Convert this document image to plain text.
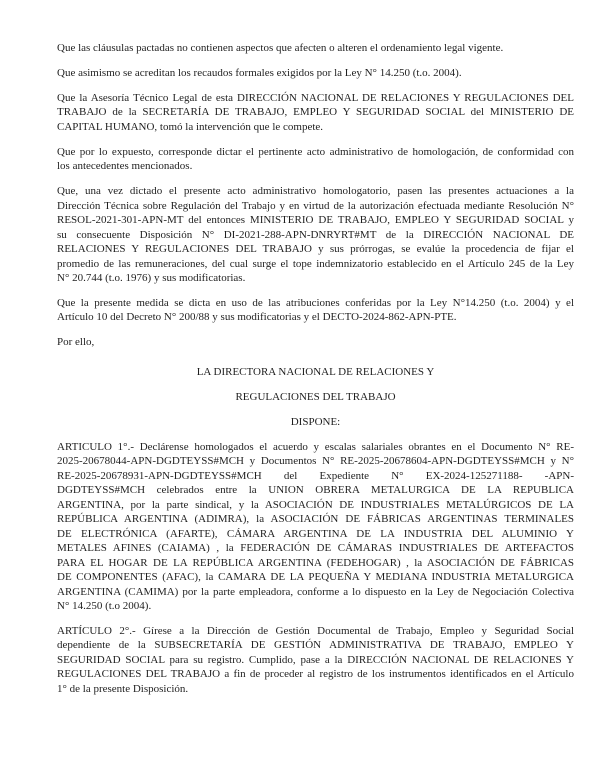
Que las cláusulas pactadas no contienen aspectos que afecten o alteren el ordenamiento legal vigente.

Que asimismo se acreditan los recaudos formales exigidos por la Ley N° 14.250 (t.o. 2004).

Que la Asesoría Técnico Legal de esta DIRECCIÓN NACIONAL DE RELACIONES Y REGULACIONES DEL
TRABAJO de la SECRETARÍA DE TRABAJO, EMPLEO Y SEGURIDAD SOCIAL del MINISTERIO DE
CAPITAL HUMANO, tomó la intervención que le compete.

Que por lo expuesto, corresponde dictar el pertinente acto administrativo de homologación, de conformidad con
los antecedentes mencionados.

Que, una vez dictado el presente acto administrativo homologatorio, pasen las presentes actuaciones a la
Dirección Técnica sobre Regulación del Trabajo y en virtud de la autorización efectuada mediante Resolución N°
RESOL-2021-301-APN-MT del entonces MINISTERIO DE TRABAJO, EMPLEO Y SEGURIDAD SOCIAL y
su consecuente Disposición N° DI-2021-288-APN-DNRYRT#MT de la DIRECCIÓN NACIONAL DE
RELACIONES Y REGULACIONES DEL TRABAJO y sus prórrogas, se evalúe la procedencia de fijar el
promedio de las remuneraciones, del cual surge el tope indemnizatorio establecido en el Artículo 245 de la Ley
N° 20.744 (t.o. 1976) y sus modificatorias.

Que la presente medida se dicta en uso de las atribuciones conferidas por la Ley N°14.250 (t.o. 2004) y el
Artículo 10 del Decreto N° 200/88 y sus modificatorias y el DECTO-2024-862-APN-PTE.

Por ello,

LA DIRECTORA NACIONAL DE RELACIONES Y

REGULACIONES DEL TRABAJO

DISPONE:

ARTICULO 1°.- Declárense homologados el acuerdo y escalas salariales obrantes en el Documento N° RE-
2025-20678044-APN-DGDTEYSS#MCH y Documentos N° RE-2025-20678604-APN-DGDTEYSS#MCH y N°
RE-2025-20678931-APN-DGDTEYSS#MCH del Expediente N° EX-2024-125271188- -APN-
DGDTEYSS#MCH celebrados entre la UNION OBRERA METALURGICA DE LA REPUBLICA
ARGENTINA, por la parte sindical, y la ASOCIACIÓN DE INDUSTRIALES METALÚRGICOS DE LA
REPÚBLICA ARGENTINA (ADIMRA), la ASOCIACIÓN DE FÁBRICAS ARGENTINAS TERMINALES
DE ELECTRÓNICA (AFARTE), CÁMARA ARGENTINA DE LA INDUSTRIA DEL ALUMINIO Y
METALES AFINES (CAIAMA) , la FEDERACIÓN DE CÁMARAS INDUSTRIALES DE ARTEFACTOS
PARA EL HOGAR DE LA REPÚBLICA ARGENTINA (FEDEHOGAR) , la ASOCIACIÓN DE FÁBRICAS
DE COMPONENTES (AFAC), la CAMARA DE LA PEQUEÑA Y MEDIANA INDUSTRIA METALURGICA
ARGENTINA (CAMIMA) por la parte empleadora, conforme a lo dispuesto en la Ley de Negociación Colectiva
N° 14.250 (t.o 2004).

ARTÍCULO 2°.- Gírese a la Dirección de Gestión Documental de Trabajo, Empleo y Seguridad Social
dependiente de la SUBSECRETARÍA DE GESTIÓN ADMINISTRATIVA DE TRABAJO, EMPLEO Y
SEGURIDAD SOCIAL para su registro. Cumplido, pase a la DIRECCIÓN NACIONAL DE RELACIONES Y
REGULACIONES DEL TRABAJO a fin de proceder al registro de los instrumentos identificados en el Artículo
1° de la presente Disposición.
